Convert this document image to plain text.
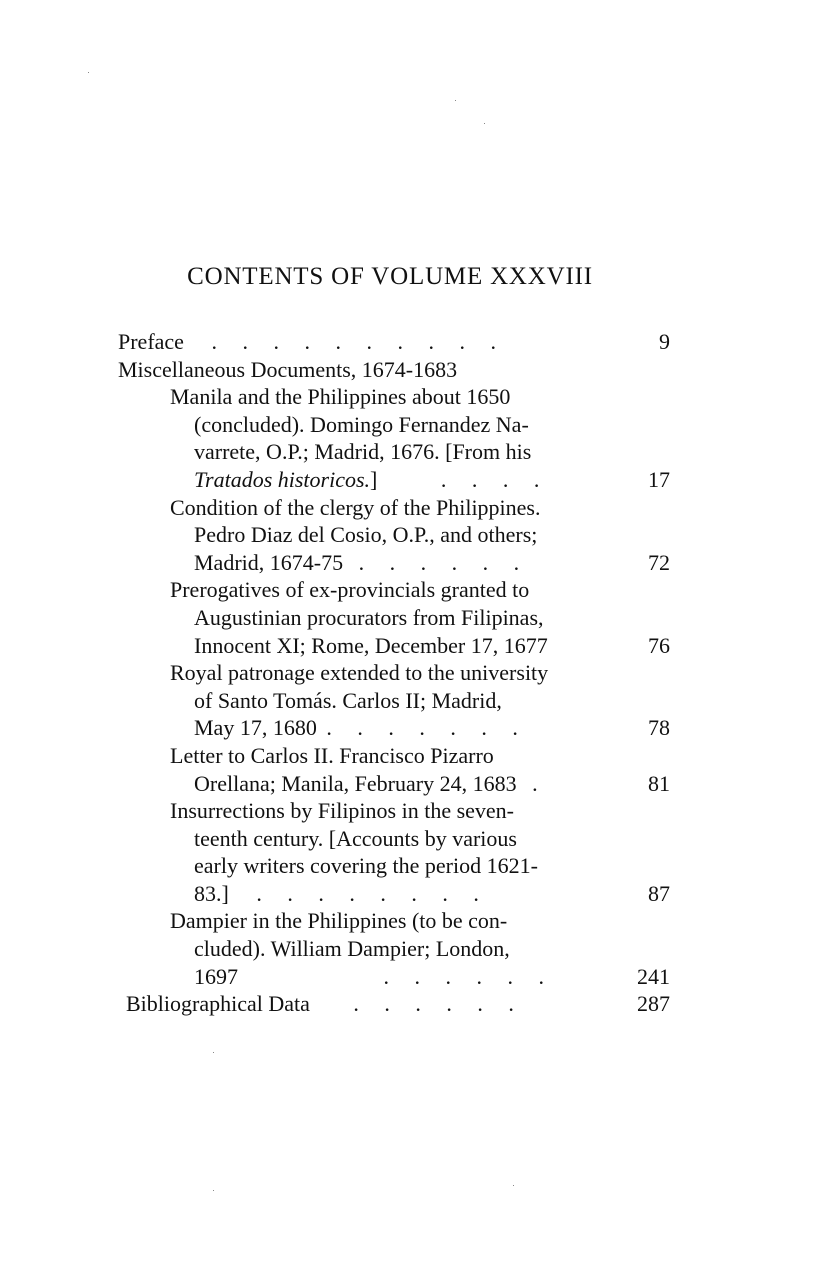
CONTENTS OF VOLUME XXXVIII
Preface . . . . . . . . . .	9
Miscellaneous Documents, 1674-1683
Manila and the Philippines about 1650
(concluded). Domingo Fernandez Na-
varrete, O.P.; Madrid, 1676. [From his
Tratados historicos.]	. . . .	17
Condition of the clergy of the Philippines.
Pedro Diaz del Cosio, O.P., and others;
Madrid, 1674-75 . . . . . .	72
Prerogatives of ex-provincials granted to
Augustinian procurators from Filipinas,
Innocent XI; Rome, December 17, 1677	76
Royal patronage extended to the university
of Santo Tomás. Carlos II; Madrid,
May 17, 1680 . . . . . . .	78
Letter to Carlos II. Francisco Pizarro
Orellana; Manila, February 24, 1683 .	81
Insurrections by Filipinos in the seven-
teenth century. [Accounts by various
early writers covering the period 1621-
83.] . . . . . . . .	87
Dampier in the Philippines (to be con-
cluded). William Dampier; London,
1697	. . . . . .	241
Bibliographical Data . . . . . .	287
